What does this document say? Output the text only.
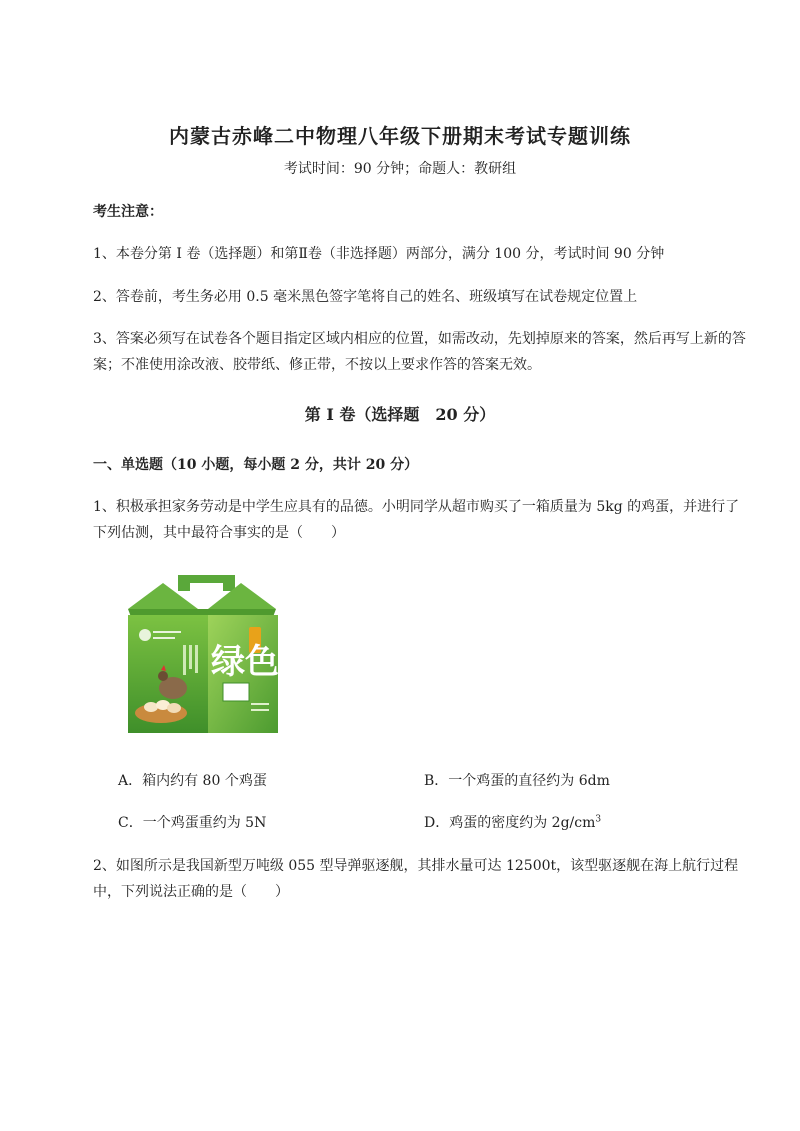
内蒙古赤峰二中物理八年级下册期末考试专题训练
考试时间：90 分钟；命题人：教研组
考生注意：
1、本卷分第 I 卷（选择题）和第Ⅱ卷（非选择题）两部分，满分 100 分，考试时间 90 分钟
2、答卷前，考生务必用 0.5 毫米黑色签字笔将自己的姓名、班级填写在试卷规定位置上
3、答案必须写在试卷各个题目指定区域内相应的位置，如需改动，先划掉原来的答案，然后再写上新的答案；不准使用涂改液、胶带纸、修正带，不按以上要求作答的答案无效。
第 I 卷（选择题　20 分）
一、单选题（10 小题，每小题 2 分，共计 20 分）
1、积极承担家务劳动是中学生应具有的品德。小明同学从超市购买了一箱质量为 5kg 的鸡蛋，并进行了下列估测，其中最符合事实的是（　　）
绿色
A．箱内约有 80 个鸡蛋	B．一个鸡蛋的直径约为 6dm
C．一个鸡蛋重约为 5N	D．鸡蛋的密度约为 $2g/cm^3$
2、如图所示是我国新型万吨级 055 型导弹驱逐舰，其排水量可达 12500t，该型驱逐舰在海上航行过程中，下列说法正确的是（　　）
